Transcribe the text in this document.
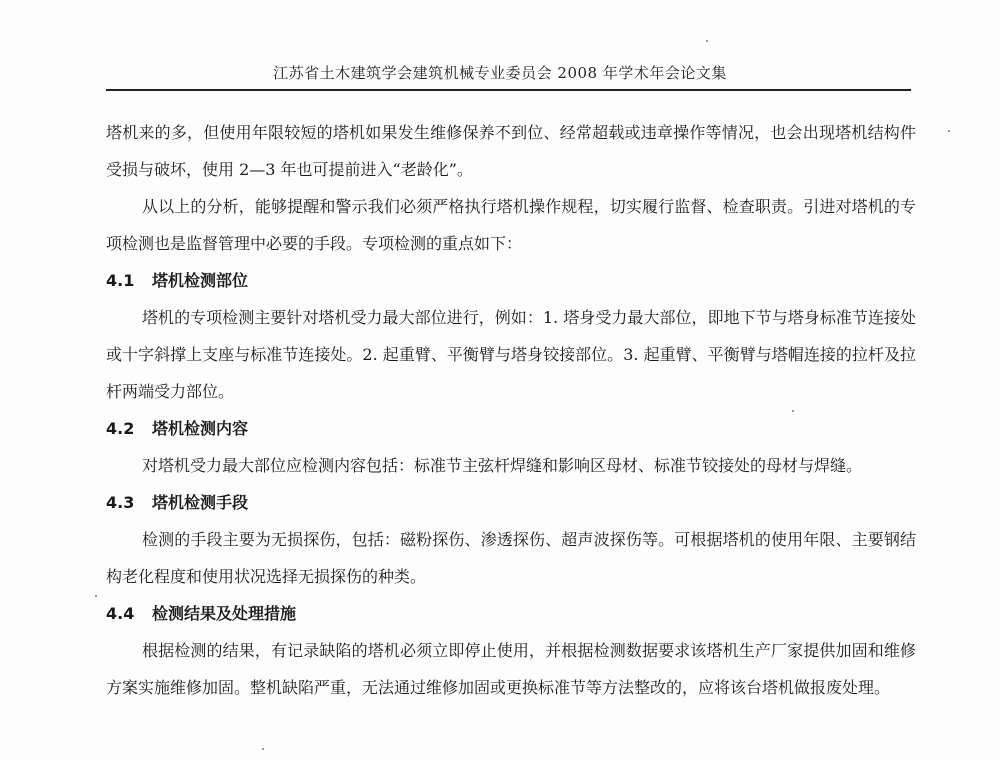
江苏省土木建筑学会建筑机械专业委员会 2008 年学术年会论文集

塔机来的多，但使用年限较短的塔机如果发生维修保养不到位、经常超载或违章操作等情况，也会出现塔机结构件受损与破坏，使用 2—3 年也可提前进入“老龄化”。

从以上的分析，能够提醒和警示我们必须严格执行塔机操作规程，切实履行监督、检查职责。引进对塔机的专项检测也是监督管理中必要的手段。专项检测的重点如下：

4.1 塔机检测部位

塔机的专项检测主要针对塔机受力最大部位进行，例如：1. 塔身受力最大部位，即地下节与塔身标准节连接处或十字斜撑上支座与标准节连接处。2. 起重臂、平衡臂与塔身铰接部位。3. 起重臂、平衡臂与塔帽连接的拉杆及拉杆两端受力部位。

4.2 塔机检测内容

对塔机受力最大部位应检测内容包括：标准节主弦杆焊缝和影响区母材、标准节铰接处的母材与焊缝。

4.3 塔机检测手段

检测的手段主要为无损探伤，包括：磁粉探伤、渗透探伤、超声波探伤等。可根据塔机的使用年限、主要钢结构老化程度和使用状况选择无损探伤的种类。

4.4 检测结果及处理措施

根据检测的结果，有记录缺陷的塔机必须立即停止使用，并根据检测数据要求该塔机生产厂家提供加固和维修方案实施维修加固。整机缺陷严重，无法通过维修加固或更换标准节等方法整改的，应将该台塔机做报废处理。
